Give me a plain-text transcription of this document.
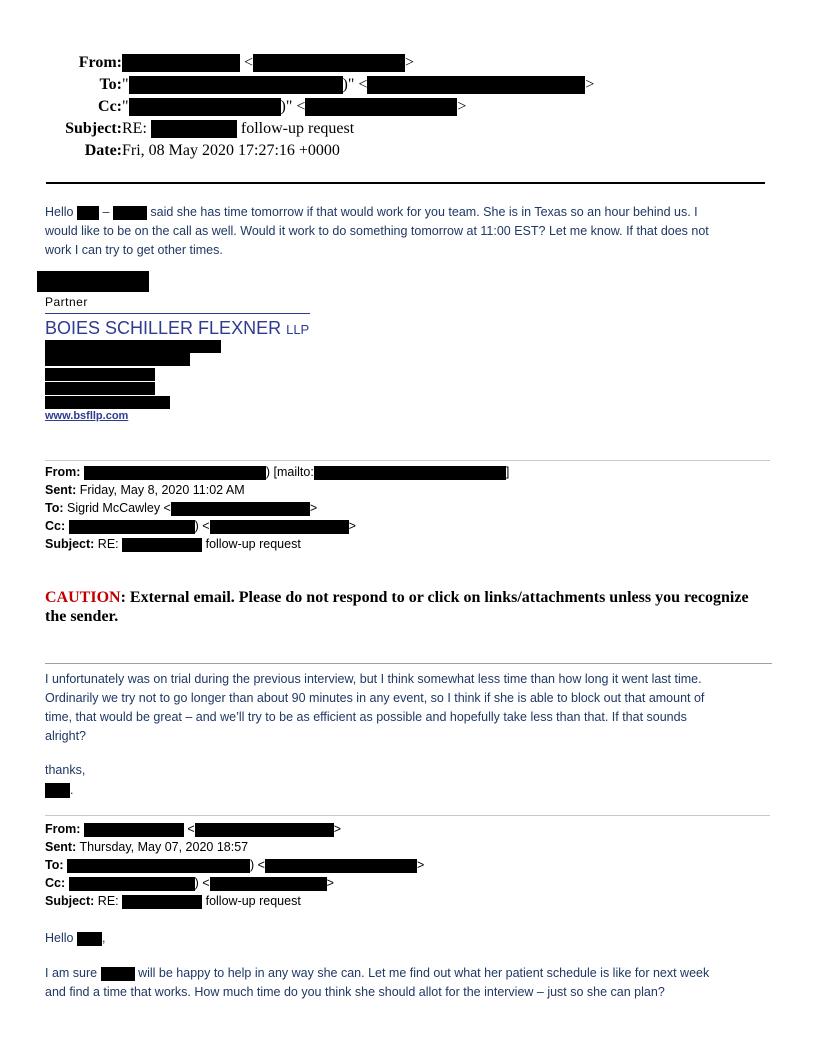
From:	<	>
To:"	)" <	>
Cc:"	)" <	>
Subject:RE:	follow-up request
Date:Fri, 08 May 2020 17:27:16 +0000
Hello –	said she has time tomorrow if that would work for you team. She is in Texas so an hour behind us. I
would like to be on the call as well. Would it work to do something tomorrow at 11:00 EST? Let me know. If that does not
work I can try to get other times.
Partner
BOIES SCHILLER FLEXNER LLP
www.bsfllp.com
From:	) [mailto:	]
Sent: Friday, May 8, 2020 11:02 AM
To: Sigrid McCawley <	>
Cc:	) <	>
Subject: RE:	follow-up request
CAUTION: External email. Please do not respond to or click on links/attachments unless you recognize
the sender.
I unfortunately was on trial during the previous interview, but I think somewhat less time than how long it went last time.
Ordinarily we try not to go longer than about 90 minutes in any event, so I think if she is able to block out that amount of
time, that would be great – and we’ll try to be as efficient as possible and hopefully take less than that. If that sounds
alright?
thanks,
.
From:	<	>
Sent: Thursday, May 07, 2020 18:57
To:	) <	>
Cc:	) <	>
Subject: RE:	follow-up request
Hello ,
I am sure	will be happy to help in any way she can. Let me find out what her patient schedule is like for next week
and find a time that works. How much time do you think she should allot for the interview – just so she can plan?
